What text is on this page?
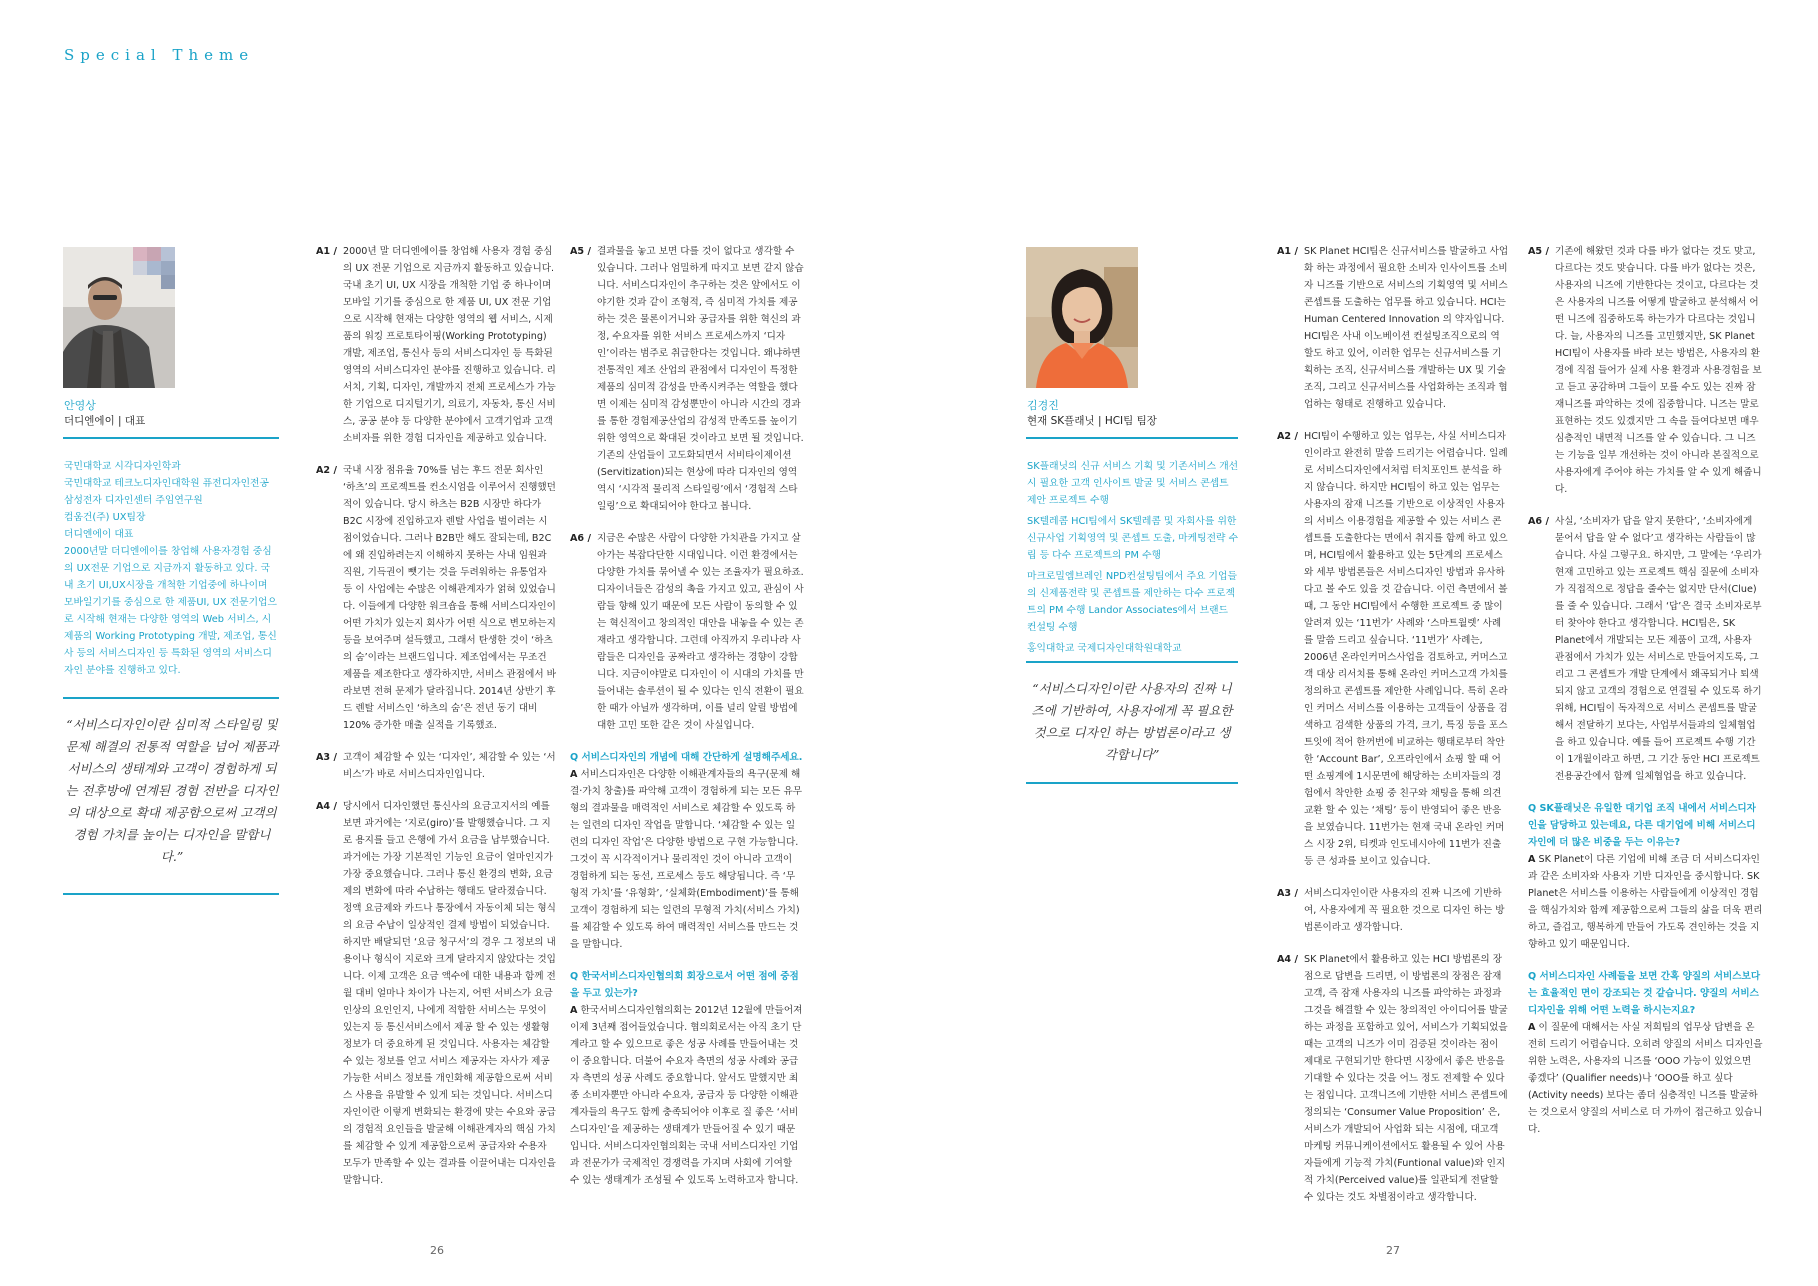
Special Theme
안영상
더디엔에이 | 대표
국민대학교 시각디자인학과
국민대학교 테크노디자인대학원 퓨전디자인전공
삼성전자 디자인센터 주임연구원
컴움건(주) UX팀장
더디엔에이 대표
2000년말 더디엔에이를 창업해 사용자경험 중심의 UX전문 기업으로 지금까지 활동하고 있다. 국내 초기 UI,UX시장을 개척한 기업중에 하나이며 모바일기기를 중심으로 한 제품UI, UX 전문기업으로 시작해 현재는 다양한 영역의 Web 서비스, 시제품의 Working Prototyping 개발, 제조업, 통신사 등의 서비스디자인 등 특화된 영역의 서비스디자인 분야를 진행하고 있다.
“서비스디자인이란 심미적 스타일링 및 문제 해결의 전통적 역할을 넘어 제품과 서비스의 생태계와 고객이 경험하게 되는 전후방에 연계된 경험 전반을 디자인의 대상으로 확대 제공함으로써 고객의 경험 가치를 높이는 디자인을 말합니다.”
A1 / 2000년 말 더디엔에이를 창업해 사용자 경험 중심의 UX 전문 기업으로 지금까지 활동하고 있습니다. 국내 초기 UI, UX 시장을 개척한 기업 중 하나이며 모바일 기기를 중심으로 한 제품 UI, UX 전문 기업으로 시작해 현재는 다양한 영역의 웹 서비스, 시제품의 워킹 프로토타이핑(Working Prototyping) 개발, 제조업, 통신사 등의 서비스디자인 등 특화된 영역의 서비스디자인 분야를 진행하고 있습니다. 리서치, 기획, 디자인, 개발까지 전체 프로세스가 가능한 기업으로 디지털기기, 의료기, 자동차, 통신 서비스, 공공 분야 등 다양한 분야에서 고객기업과 고객소비자를 위한 경험 디자인을 제공하고 있습니다.

A2 / 국내 시장 점유율 70%를 넘는 후드 전문 회사인 ‘하츠’의 프로젝트를 컨소시엄을 이루어서 진행했던 적이 있습니다. 당시 하츠는 B2B 시장만 하다가 B2C 시장에 진입하고자 렌탈 사업을 벌이려는 시점이었습니다. 그러나 B2B만 해도 잘되는데, B2C에 왜 진입하려는지 이해하지 못하는 사내 임원과 직원, 기득권이 뺏기는 것을 두려워하는 유통업자 등 이 사업에는 수많은 이해관계자가 얽혀 있었습니다. 이들에게 다양한 워크숍을 통해 서비스디자인이 어떤 가치가 있는지 회사가 어떤 식으로 변모하는지 등을 보여주며 설득했고, 그래서 탄생한 것이 ‘하츠의 숨’이라는 브랜드입니다. 제조업에서는 무조건 제품을 제조한다고 생각하지만, 서비스 관점에서 바라보면 전혀 문제가 달라집니다. 2014년 상반기 후드 렌탈 서비스인 ‘하츠의 숨’은 전년 동기 대비 120% 증가한 매출 실적을 기록했죠.

A3 / 고객이 체감할 수 있는 ‘디자인’, 체감할 수 있는 ‘서비스’가 바로 서비스디자인입니다.

A4 / 당시에서 디자인했던 통신사의 요금고지서의 예를 보면 과거에는 ‘지로(giro)’를 발행했습니다. 그 지로 용지를 들고 은행에 가서 요금을 납부했습니다. 과거에는 가장 기본적인 기능인 요금이 얼마인지가 가장 중요했습니다. 그러나 통신 환경의 변화, 요금제의 변화에 따라 수납하는 행태도 달라졌습니다. 정액 요금제와 카드나 통장에서 자동이체 되는 형식의 요금 수납이 일상적인 결제 방법이 되었습니다. 하지만 배달되던 ‘요금 청구서’의 경우 그 정보의 내용이나 형식이 지로와 크게 달라지지 않았다는 것입니다. 이제 고객은 요금 액수에 대한 내용과 함께 전월 대비 얼마나 차이가 나는지, 어떤 서비스가 요금 인상의 요인인지, 나에게 적합한 서비스는 무엇이 있는지 등 통신서비스에서 제공 할 수 있는 생활형 정보가 더 중요하게 된 것입니다. 사용자는 체감할 수 있는 정보를 얻고 서비스 제공자는 자사가 제공 가능한 서비스 정보를 개인화해 제공함으로써 서비스 사용을 유발할 수 있게 되는 것입니다. 서비스디자인이란 이렇게 변화되는 환경에 맞는 수요와 공급의 경험적 요인들을 발굴해 이해관계자의 핵심 가치를 체감할 수 있게 제공함으로써 공급자와 수용자 모두가 만족할 수 있는 결과를 이끌어내는 디자인을 말합니다.

A5 / 결과물을 놓고 보면 다를 것이 없다고 생각할 수 있습니다. 그러나 엄밀하게 따지고 보면 같지 않습니다. 서비스디자인이 추구하는 것은 앞에서도 이야기한 것과 같이 조형적, 즉 심미적 가치를 제공하는 것은 물론이거니와 공급자를 위한 혁신의 과정, 수요자를 위한 서비스 프로세스까지 ‘디자인’이라는 범주로 취급한다는 것입니다. 왜냐하면 전통적인 제조 산업의 관점에서 디자인이 특정한 제품의 심미적 감성을 만족시켜주는 역할을 했다면 이제는 심미적 감성뿐만이 아니라 시간의 경과를 통한 경험제공산업의 감성적 만족도를 높이기 위한 영역으로 확대된 것이라고 보면 될 것입니다. 기존의 산업들이 고도화되면서 서비타이제이션(Servitization)되는 현상에 따라 디자인의 영역 역시 ‘시각적 물리적 스타일링’에서 ‘경험적 스타일링’으로 확대되어야 한다고 봅니다.

A6 / 지금은 수많은 사람이 다양한 가치관을 가지고 살아가는 복잡다단한 시대입니다. 이런 환경에서는 다양한 가치를 묶어낼 수 있는 조율자가 필요하죠. 디자이너들은 감성의 촉을 가지고 있고, 관심이 사람들 향해 있기 때문에 모든 사람이 동의할 수 있는 혁신적이고 창의적인 대안을 내놓을 수 있는 존재라고 생각합니다. 그런데 아직까지 우리나라 사람들은 디자인을 공짜라고 생각하는 경향이 강합니다. 지금이야말로 디자인이 이 시대의 가치를 만들어내는 솔루션이 될 수 있다는 인식 전환이 필요한 때가 아닐까 생각하며, 이를 널리 알릴 방법에 대한 고민 또한 같은 것이 사실입니다.

Q 서비스디자인의 개념에 대해 간단하게 설명해주세요.

A 서비스디자인은 다양한 이해관계자들의 욕구(문제 해결·가치 창출)를 파악해 고객이 경험하게 되는 모든 유무형의 결과물을 매력적인 서비스로 체감할 수 있도록 하는 일련의 디자인 작업을 말합니다. ‘체감할 수 있는 일련의 디자인 작업’은 다양한 방법으로 구현 가능합니다. 그것이 꼭 시각적이거나 물리적인 것이 아니라 고객이 경험하게 되는 동선, 프로세스 등도 해당됩니다. 즉 ‘무형적 가치’를 ‘유형화’, ‘실체화(Embodiment)’를 통해 고객이 경험하게 되는 일련의 무형적 가치(서비스 가치)를 체감할 수 있도록 하여 매력적인 서비스를 만드는 것을 말합니다.

Q 한국서비스디자인협의회 회장으로서 어떤 점에 중점을 두고 있는가?

A 한국서비스디자인협의회는 2012년 12월에 만들어져 이제 3년째 접어들었습니다. 협의회로서는 아직 초기 단계라고 할 수 있으므로 좋은 성공 사례를 만들어내는 것이 중요합니다. 더불어 수요자 측면의 성공 사례와 공급자 측면의 성공 사례도 중요합니다. 앞서도 말했지만 최종 소비자뿐만 아니라 수요자, 공급자 등 다양한 이해관계자들의 욕구도 함께 충족되어야 이후로 질 좋은 ‘서비스디자인’을 제공하는 생태계가 만들어질 수 있기 때문입니다. 서비스디자인협의회는 국내 서비스디자인 기업과 전문가가 국제적인 경쟁력을 가지며 사회에 기여할 수 있는 생태계가 조성될 수 있도록 노력하고자 합니다.

26
김경진
현재 SK플래닛 | HCI팀 팀장
SK플래닛의 신규 서비스 기획 및 기존서비스 개선 시 필요한 고객 인사이트 발굴 및 서비스 콘셉트 제안 프로젝트 수행
SK텔레콤 HCI팀에서 SK텔레콤 및 자회사를 위한 신규사업 기획영역 및 콘셉트 도출, 마케팅전략 수립 등 다수 프로젝트의 PM 수행
마크로밀엠브레인 NPD컨설팅팀에서 주요 기업들의 신제품전략 및 콘셉트를 제안하는 다수 프로젝트의 PM 수행 Landor Associates에서 브랜드 컨설팅 수행
홍익대학교 국제디자인대학원대학교
“서비스디자인이란 사용자의 진짜 니즈에 기반하여, 사용자에게 꼭 필요한 것으로 디자인 하는 방법론이라고 생각합니다”
A1 / SK Planet HCI팀은 신규서비스를 발굴하고 사업화 하는 과정에서 필요한 소비자 인사이트를 소비자 니즈를 기반으로 서비스의 기획영역 및 서비스 콘셉트를 도출하는 업무를 하고 있습니다. HCI는 Human Centered Innovation 의 약자입니다. HCI팀은 사내 이노베이션 컨설팅조직으로의 역할도 하고 있어, 이러한 업무는 신규서비스를 기획하는 조직, 신규서비스를 개발하는 UX 및 기술조직, 그리고 신규서비스를 사업화하는 조직과 협업하는 형태로 진행하고 있습니다.

A2 / HCI팀이 수행하고 있는 업무는, 사실 서비스디자인이라고 완전히 말씀 드리기는 어렵습니다. 일례로 서비스디자인에서처럼 터치포인트 분석을 하지 않습니다. 하지만 HCI팀이 하고 있는 업무는 사용자의 잠재 니즈를 기반으로 이상적인 사용자의 서비스 이용경험을 제공할 수 있는 서비스 콘셉트를 도출한다는 면에서 취지를 함께 하고 있으며, HCI팀에서 활용하고 있는 5단계의 프로세스와 세부 방법론들은 서비스디자인 방법과 유사하다고 볼 수도 있을 것 같습니다. 이런 측면에서 볼 때, 그 동안 HCI팀에서 수행한 프로젝트 중 많이 알려져 있는 ‘11번가’ 사례와 ‘스마트월렛’ 사례를 말씀 드리고 싶습니다. ‘11번가’ 사례는, 2006년 온라인커머스사업을 검토하고, 커머스고객 대상 리서치를 통해 온라인 커머스고객 가치를 정의하고 콘셉트를 제안한 사례입니다. 특히 온라인 커머스 서비스를 이용하는 고객들이 상품을 검색하고 검색한 상품의 가격, 크기, 특징 등을 포스트잇에 적어 한꺼번에 비교하는 행태로부터 착안한 ‘Account Bar’, 오프라인에서 쇼핑 할 때 어떤 쇼핑계에 1시문면에 해당하는 소비자들의 경험에서 착안한 쇼핑 중 친구와 채팅을 통해 의견 교환 할 수 있는 ‘채팅’ 등이 반영되어 좋은 반응을 보였습니다. 11번가는 현재 국내 온라인 커머스 시장 2위, 티켓과 인도네시아에 11번가 진출 등 큰 성과를 보이고 있습니다.

A3 / 서비스디자인이란 사용자의 진짜 니즈에 기반하여, 사용자에게 꼭 필요한 것으로 디자인 하는 방법론이라고 생각합니다.

A4 / SK Planet에서 활용하고 있는 HCI 방법론의 장점으로 답변을 드리면, 이 방법론의 장점은 잠재 고객, 즉 잠재 사용자의 니즈를 파악하는 과정과 그것을 해결할 수 있는 창의적인 아이디어를 발굴하는 과정을 포함하고 있어, 서비스가 기획되었을 때는 고객의 니즈가 이미 검증된 것이라는 점이 제대로 구현되기만 한다면 시장에서 좋은 반응을 기대할 수 있다는 것을 어느 정도 전제할 수 있다는 점입니다. 고객니즈에 기반한 서비스 콘셉트에 정의되는 ‘Consumer Value Proposition’ 은, 서비스가 개발되어 사업화 되는 시점에, 대고객 마케팅 커뮤니케이션에서도 활용될 수 있어 사용자들에게 기능적 가치(Funtional value)와 인지적 가치(Perceived value)를 일관되게 전달할 수 있다는 것도 차별점이라고 생각합니다.

A5 / 기존에 해왔던 것과 다를 바가 없다는 것도 맞고, 다르다는 것도 맞습니다. 다를 바가 없다는 것은, 사용자의 니즈에 기반한다는 것이고, 다르다는 것은 사용자의 니즈를 어떻게 발굴하고 분석해서 어떤 니즈에 집중하도록 하는가가 다르다는 것입니다. 늘, 사용자의 니즈를 고민했지만, SK Planet HCI팀이 사용자를 바라 보는 방법은, 사용자의 환경에 직접 들어가 실제 사용 환경과 사용경험을 보고 듣고 공감하며 그들이 모를 수도 있는 진짜 잠재니즈를 파악하는 것에 집중합니다. 니즈는 말로 표현하는 것도 있겠지만 그 속을 들여다보면 매우 심층적인 내면적 니즈를 알 수 있습니다. 그 니즈는 기능을 일부 개선하는 것이 아니라 본질적으로 사용자에게 주어야 하는 가치를 알 수 있게 해줍니다.

A6 / 사실, ‘소비자가 답을 알지 못한다’, ‘소비자에게 묻어서 답을 알 수 없다’고 생각하는 사람들이 많습니다. 사실 그렇구요. 하지만, 그 말에는 ‘우리가 현재 고민하고 있는 프로젝트 핵심 질문에 소비자가 직접적으로 정답을 줄수는 없지만 단서(Clue)를 줄 수 있습니다. 그래서 ‘답’은 결국 소비자로부터 찾아야 한다고 생각합니다. HCI팀은, SK Planet에서 개발되는 모든 제품이 고객, 사용자 관점에서 가치가 있는 서비스로 만들어지도록, 그리고 그 콘셉트가 개발 단계에서 왜곡되거나 퇴색되지 않고 고객의 경험으로 연결될 수 있도록 하기 위해, HCI팀이 독자적으로 서비스 콘셉트를 발굴해서 전달하기 보다는, 사업부서들과의 일체협업을 하고 있습니다. 예를 들어 프로젝트 수행 기간이 1개월이라고 하면, 그 기간 동안 HCI 프로젝트 전용공간에서 함께 일체협업을 하고 있습니다.

Q SK플래닛은 유일한 대기업 조직 내에서 서비스디자인을 담당하고 있는데요, 다른 대기업에 비해 서비스디자인에 더 많은 비중을 두는 이유는?

A SK Planet이 다른 기업에 비해 조금 더 서비스디자인과 같은 소비자와 사용자 기반 디자인을 중시합니다. SK Planet은 서비스를 이용하는 사람들에게 이상적인 경험을 핵심가치와 함께 제공함으로써 그들의 삶을 더욱 편리하고, 즐겁고, 행복하게 만들어 가도록 견인하는 것을 지향하고 있기 때문입니다.

Q 서비스디자인 사례들을 보면 간혹 양질의 서비스보다는 효율적인 면이 강조되는 것 같습니다. 양질의 서비스 디자인을 위해 어떤 노력을 하시는지요?

A 이 질문에 대해서는 사실 저희팀의 업무상 답변을 온전히 드리기 어렵습니다. 오히려 양질의 서비스 디자인을 위한 노력은, 사용자의 니즈를 ‘OOO 가능이 있었으면 좋겠다’ (Qualifier needs)나 ‘OOO를 하고 싶다(Activity needs) 보다는 좀더 심층적인 니즈를 발굴하는 것으로서 양질의 서비스로 더 가까이 접근하고 있습니다.

27
